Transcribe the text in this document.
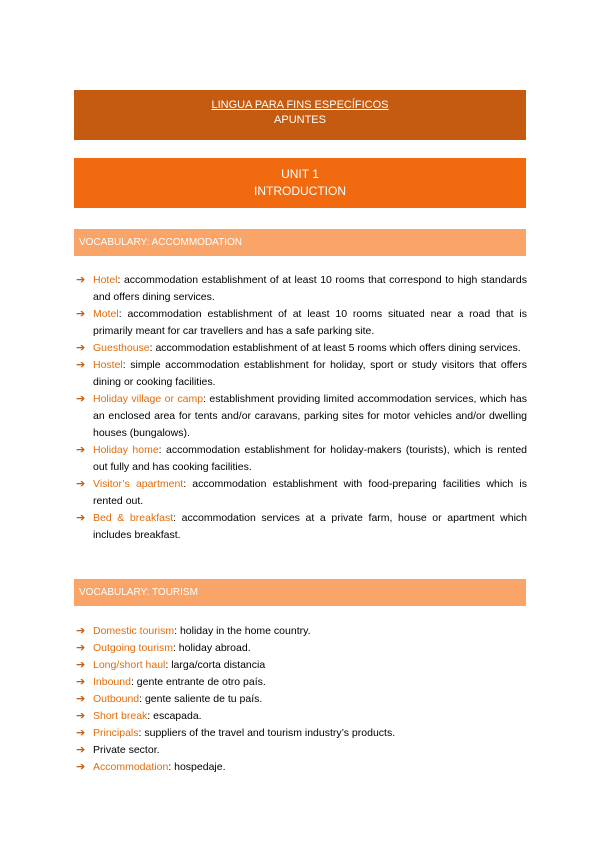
LINGUA PARA FINS ESPECÍFICOS
APUNTES
UNIT 1
INTRODUCTION
VOCABULARY: ACCOMMODATION
➔ Hotel: accommodation establishment of at least 10 rooms that correspond to high standards and offers dining services.
➔ Motel: accommodation establishment of at least 10 rooms situated near a road that is primarily meant for car travellers and has a safe parking site.
➔ Guesthouse: accommodation establishment of at least 5 rooms which offers dining services.
➔ Hostel: simple accommodation establishment for holiday, sport or study visitors that offers dining or cooking facilities.
➔ Holiday village or camp: establishment providing limited accommodation services, which has an enclosed area for tents and/or caravans, parking sites for motor vehicles and/or dwelling houses (bungalows).
➔ Holiday home: accommodation establishment for holiday-makers (tourists), which is rented out fully and has cooking facilities.
➔ Visitor’s apartment: accommodation establishment with food-preparing facilities which is rented out.
➔ Bed & breakfast: accommodation services at a private farm, house or apartment which includes breakfast.
VOCABULARY: TOURISM
➔ Domestic tourism: holiday in the home country.
➔ Outgoing tourism: holiday abroad.
➔ Long/short haul: larga/corta distancia
➔ Inbound: gente entrante de otro país.
➔ Outbound: gente saliente de tu país.
➔ Short break: escapada.
➔ Principals: suppliers of the travel and tourism industry’s products.
➔ Private sector.
➔ Accommodation: hospedaje.
